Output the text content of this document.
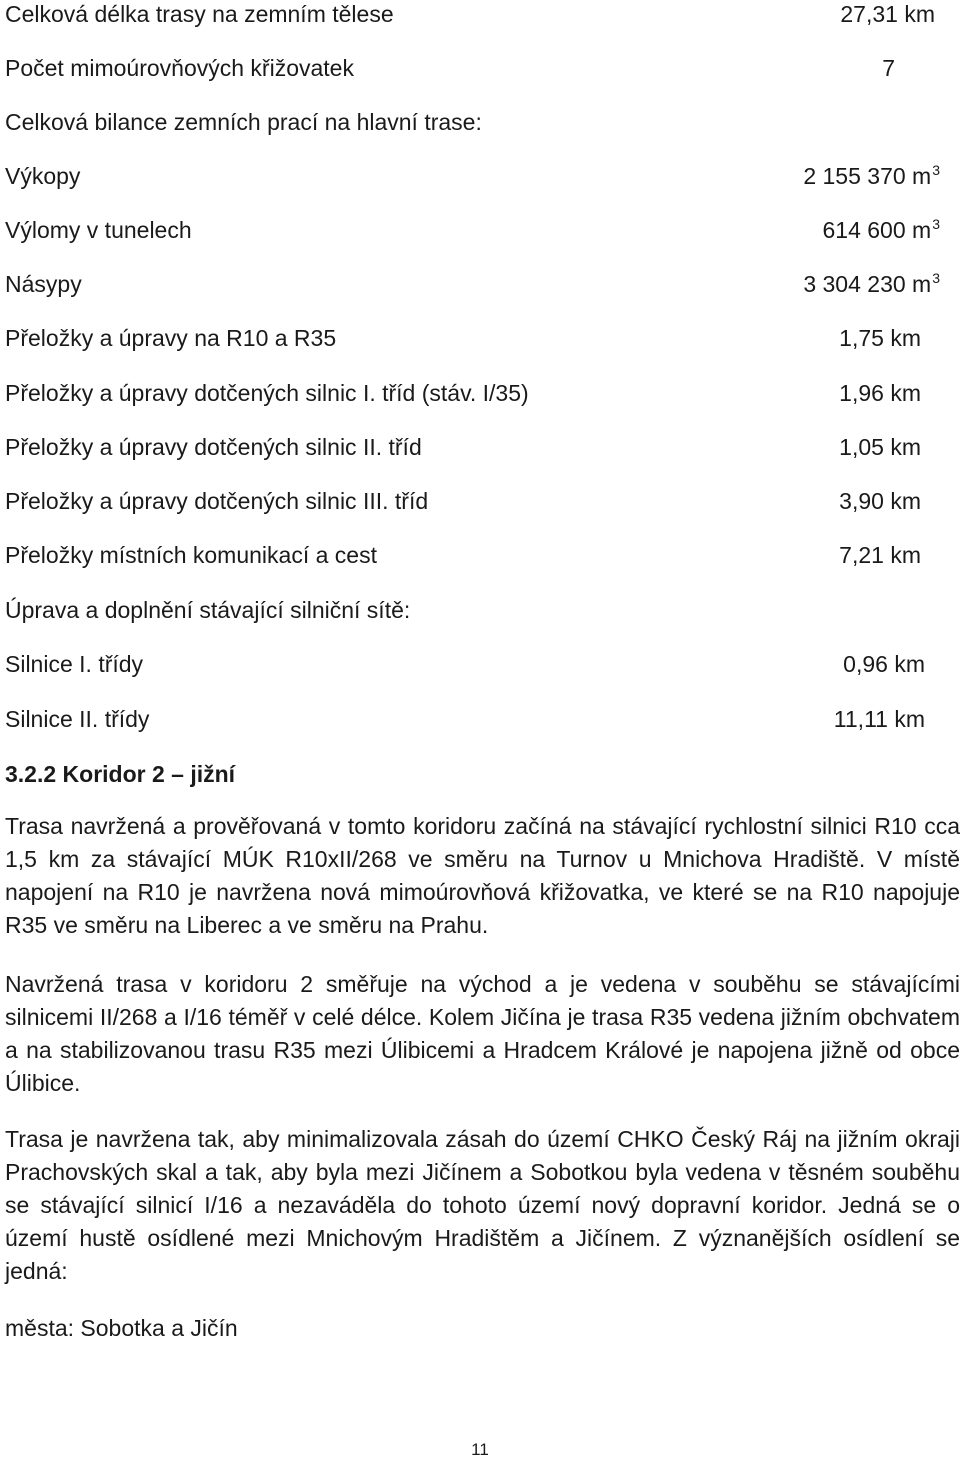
Celková délka trasy na zemním tělese	27,31 km
Počet mimoúrovňových křižovatek	7
Celková bilance zemních prací na hlavní trase:
Výkopy	2 155 370 $m^3$
Výlomy v tunelech	614 600 $m^3$
Násypy	3 304 230 $m^3$
Přeložky a úpravy na R10 a R35	1,75 km
Přeložky a úpravy dotčených silnic I. tříd (stáv. I/35)	1,96 km
Přeložky a úpravy dotčených silnic II. tříd	1,05 km
Přeložky a úpravy dotčených silnic III. tříd	3,90 km
Přeložky místních komunikací a cest	7,21 km
Úprava a doplnění stávající silniční sítě:
Silnice I. třídy	0,96 km
Silnice II. třídy	11,11 km
3.2.2 Koridor 2 – jižní
Trasa navržená a prověřovaná v tomto koridoru začíná na stávající rychlostní silnici R10 cca 1,5 km za stávající MÚK R10xII/268 ve směru na Turnov u Mnichova Hradiště. V místě napojení na R10 je navržena nová mimoúrovňová křižovatka, ve které se na R10 napojuje R35 ve směru na Liberec a ve směru na Prahu.
Navržená trasa v koridoru 2 směřuje na východ a je vedena v souběhu se stávajícími silnicemi II/268 a I/16 téměř v celé délce. Kolem Jičína je trasa R35 vedena jižním obchvatem a na stabilizovanou trasu R35 mezi Úlibicemi a Hradcem Králové je napojena jižně od obce Úlibice.
Trasa je navržena tak, aby minimalizovala zásah do území CHKO Český Ráj na jižním okraji Prachovských skal a tak, aby byla mezi Jičínem a Sobotkou byla vedena v těsném souběhu se stávající silnicí I/16 a nezaváděla do tohoto území nový dopravní koridor. Jedná se o území hustě osídlené mezi Mnichovým Hradištěm a Jičínem. Z význanějších osídlení se jedná:
města: Sobotka a Jičín
11
